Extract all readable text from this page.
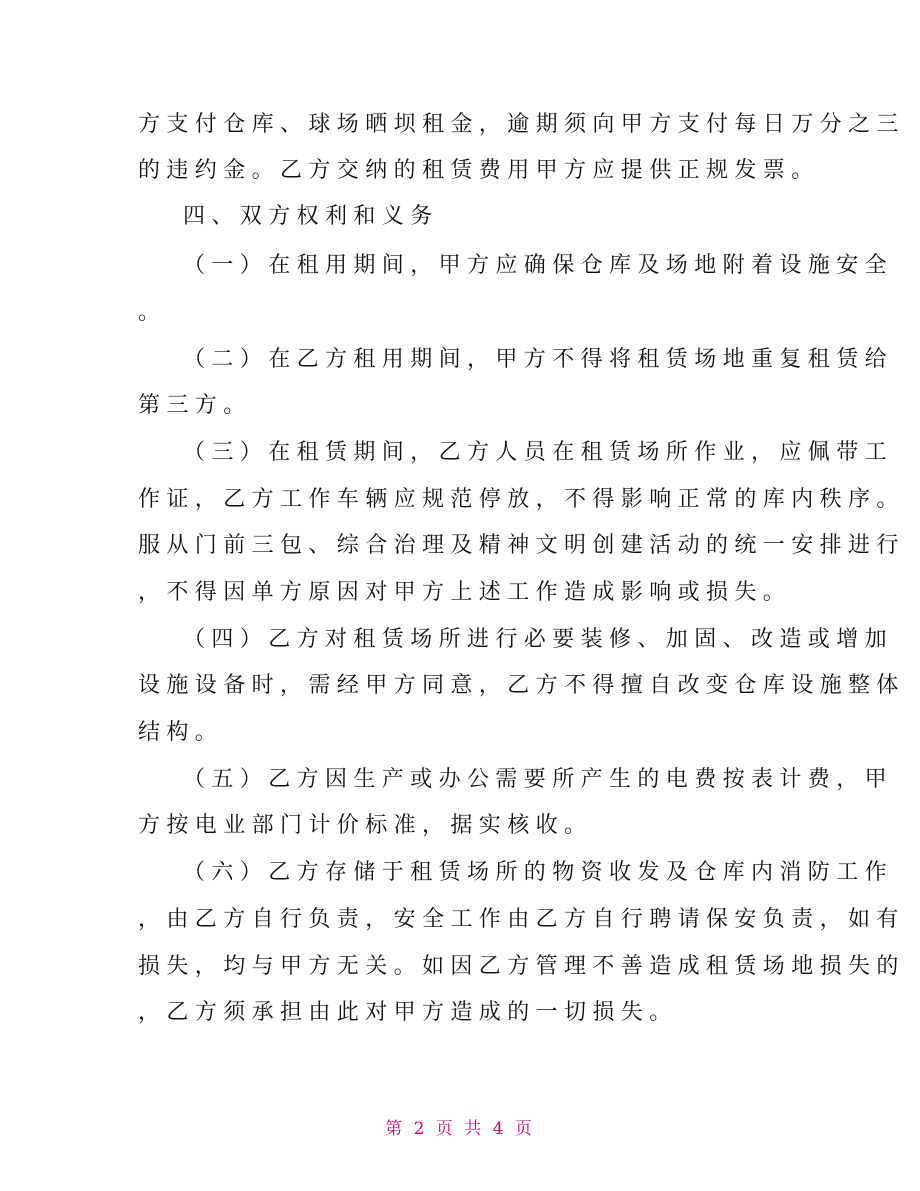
方支付仓库、球场晒坝租金，逾期须向甲方支付每日万分之三
的违约金。乙方交纳的租赁费用甲方应提供正规发票。
四、双方权利和义务
（一）在租用期间，甲方应确保仓库及场地附着设施安全
。
（二）在乙方租用期间，甲方不得将租赁场地重复租赁给
第三方。
（三）在租赁期间，乙方人员在租赁场所作业，应佩带工
作证，乙方工作车辆应规范停放，不得影响正常的库内秩序。
服从门前三包、综合治理及精神文明创建活动的统一安排进行
，不得因单方原因对甲方上述工作造成影响或损失。
（四）乙方对租赁场所进行必要装修、加固、改造或增加
设施设备时，需经甲方同意，乙方不得擅自改变仓库设施整体
结构。
（五）乙方因生产或办公需要所产生的电费按表计费，甲
方按电业部门计价标准，据实核收。
（六）乙方存储于租赁场所的物资收发及仓库内消防工作
，由乙方自行负责，安全工作由乙方自行聘请保安负责，如有
损失，均与甲方无关。如因乙方管理不善造成租赁场地损失的
，乙方须承担由此对甲方造成的一切损失。
第 2 页 共 4 页
